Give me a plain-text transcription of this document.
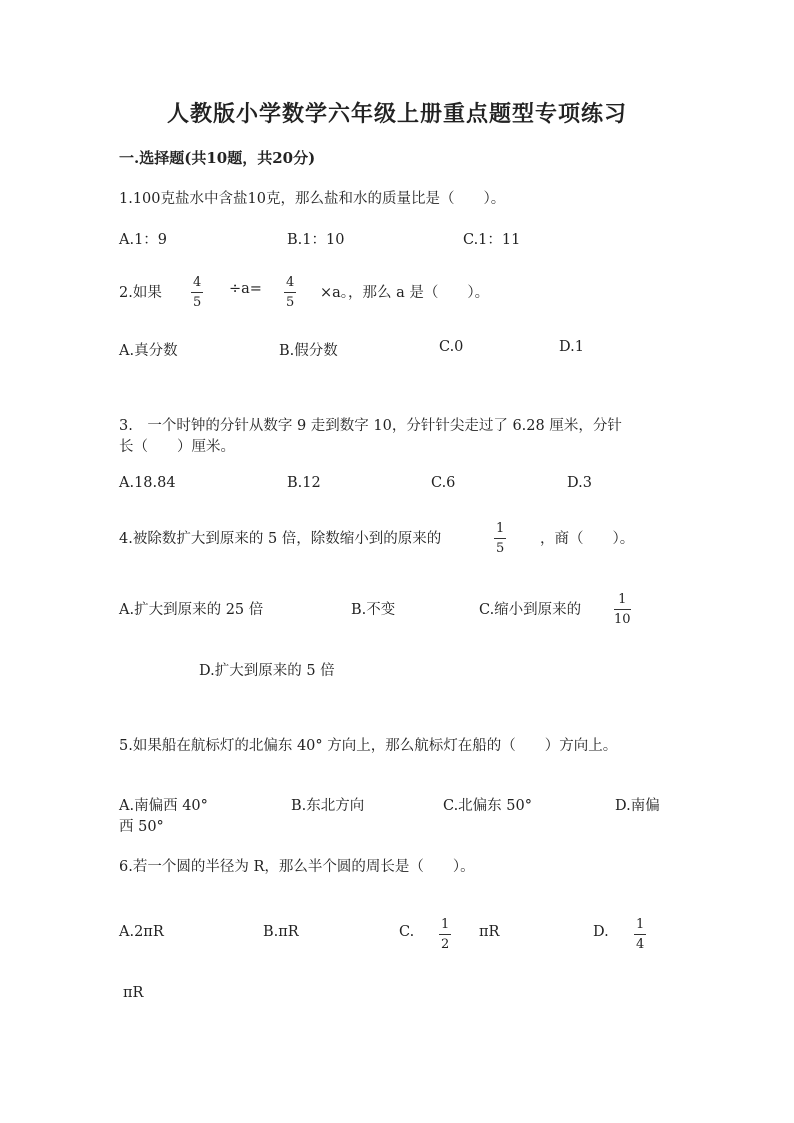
人教版小学数学六年级上册重点题型专项练习
一.选择题(共10题，共20分)
1.100克盐水中含盐10克，那么盐和水的质量比是（　　）。
A.1：9	B.1：10	C.1：11
2.如果
4
5
÷a= 4
5
×a。，那么 a 是（　　）。
A.真分数	B.假分数	C.0	D.1
3.　一个时钟的分针从数字 9 走到数字 10，分针针尖走过了 6.28 厘米，分针
长（　　）厘米。
A.18.84	B.12	C.6	D.3
4.被除数扩大到原来的 5 倍，除数缩小到的原来的
1
5
，商（　　）。
A.扩大到原来的 25 倍	B.不变	C.缩小到原来的
1
10
D.扩大到原来的 5 倍
5.如果船在航标灯的北偏东 40° 方向上，那么航标灯在船的（　　）方向上。
A.南偏西 40°	B.东北方向	C.北偏东 50°	D.南偏
西 50°
6.若一个圆的半径为 R，那么半个圆的周长是（　　）。
A.2πR	B.πR	C. 1
2
πR	D. 1
4
πR
